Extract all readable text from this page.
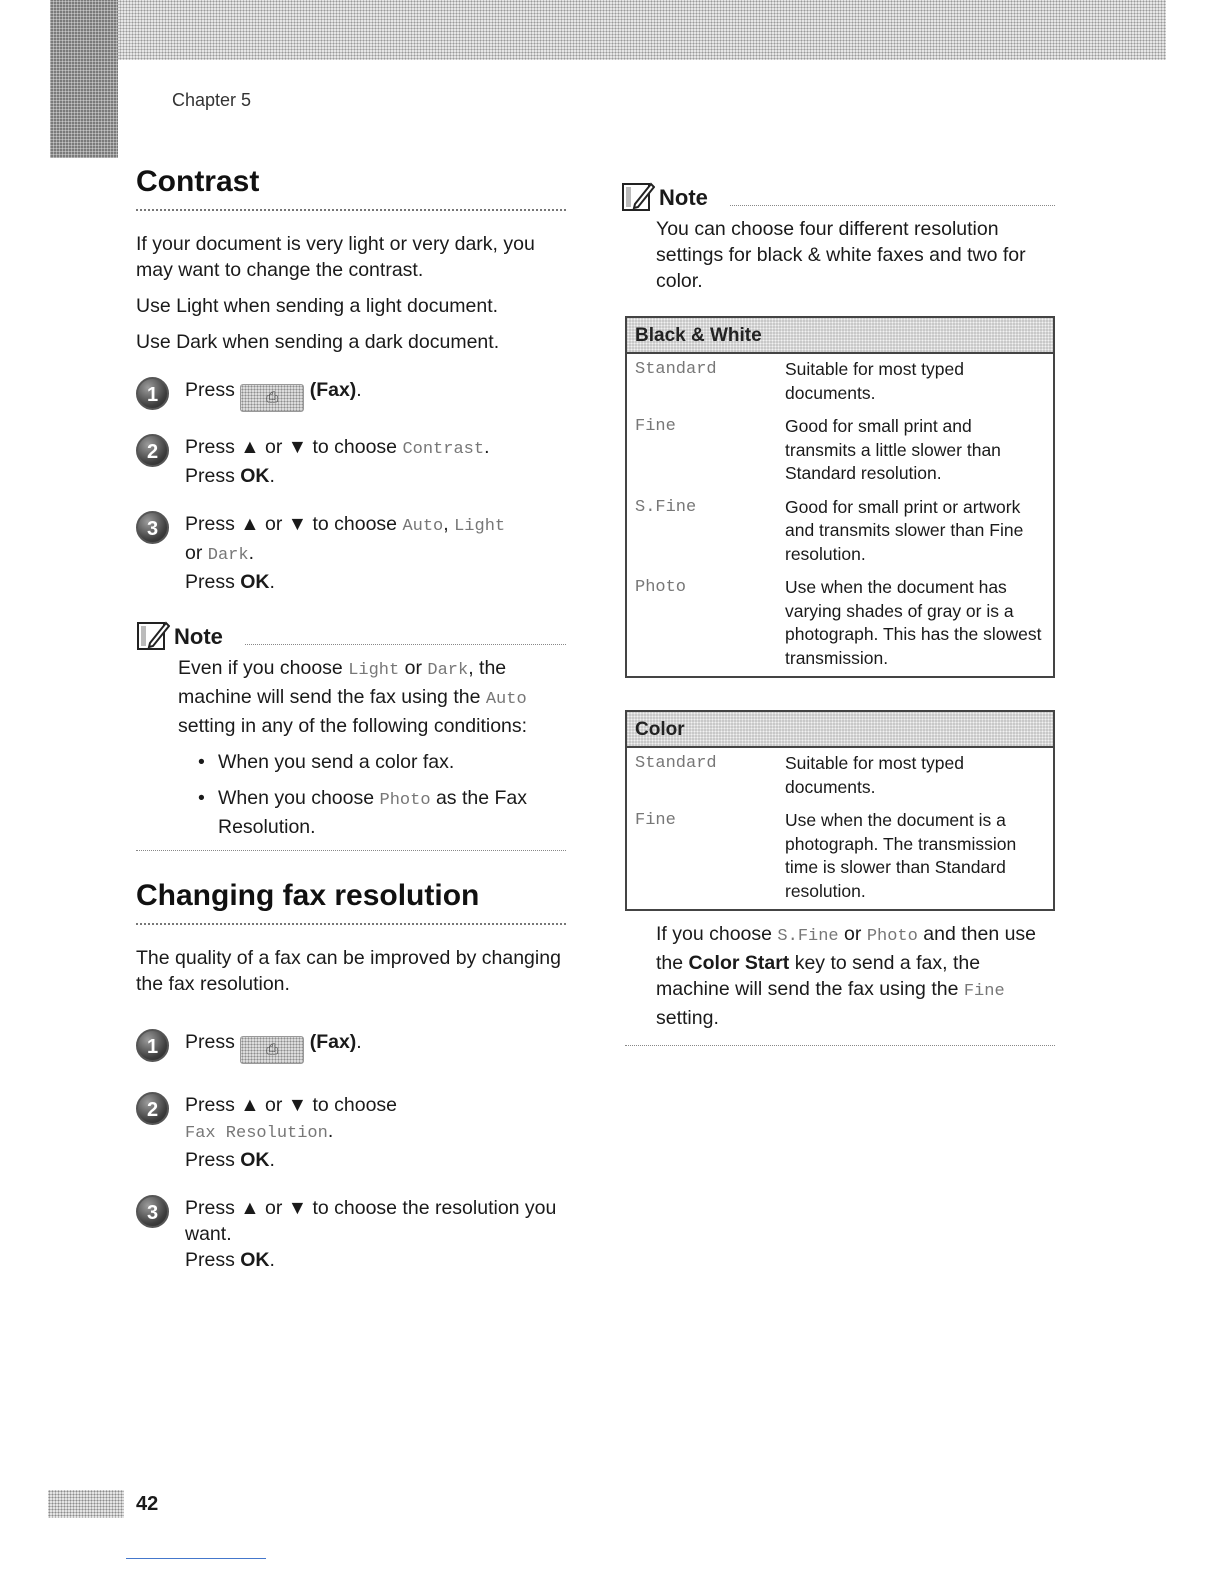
Chapter 5
Contrast

If your document is very light or very dark, you may want to change the contrast.

Use Light when sending a light document.

Use Dark when sending a dark document.

1	Press ⎙ (Fax).
2	Press ▲ or ▼ to choose Contrast.
Press OK.
3	Press ▲ or ▼ to choose Auto, Light
or Dark.
Press OK.
Note

Even if you choose Light or Dark, the machine will send the fax using the Auto setting in any of the following conditions:

• When you send a color fax.
• When you choose Photo as the Fax Resolution.
Changing fax resolution

The quality of a fax can be improved by changing the fax resolution.

1	Press ⎙ (Fax).
2	Press ▲ or ▼ to choose
Fax Resolution.
Press OK.
3	Press ▲ or ▼ to choose the resolution you want.
Press OK.
Note

You can choose four different resolution settings for black & white faxes and two for color.

Black & White
Standard	Suitable for most typed documents.
Fine	Good for small print and transmits a little slower than Standard resolution.
S.Fine	Good for small print or artwork and transmits slower than Fine resolution.
Photo	Use when the document has varying shades of gray or is a photograph. This has the slowest transmission.
Color
Standard	Suitable for most typed documents.
Fine	Use when the document is a photograph. The transmission time is slower than Standard resolution.

If you choose S.Fine or Photo and then use the Color Start key to send a fax, the machine will send the fax using the Fine setting.

42
